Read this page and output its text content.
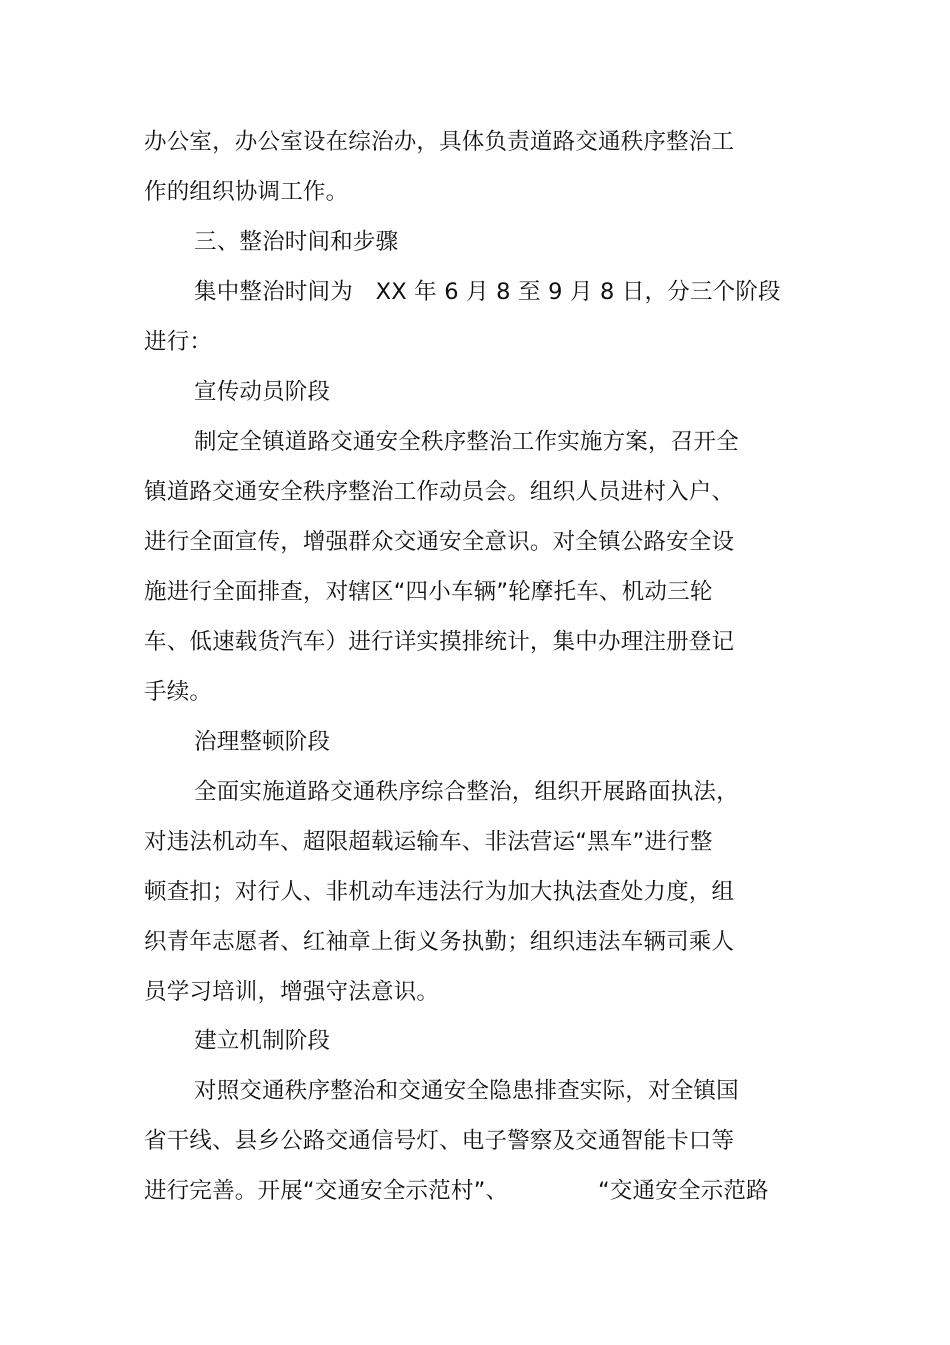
办公室，办公室设在综治办，具体负责道路交通秩序整治工
作的组织协调工作。
三、整治时间和步骤
集中整治时间为　XX 年 6 月 8 至 9 月 8 日，分三个阶段
进行：
宣传动员阶段
制定全镇道路交通安全秩序整治工作实施方案，召开全
镇道路交通安全秩序整治工作动员会。组织人员进村入户、
进行全面宣传，增强群众交通安全意识。对全镇公路安全设
施进行全面排查，对辖区“四小车辆”轮摩托车、机动三轮
车、低速载货汽车）进行详实摸排统计，集中办理注册登记
手续。
治理整顿阶段
全面实施道路交通秩序综合整治，组织开展路面执法，
对违法机动车、超限超载运输车、非法营运“黑车”进行整
顿查扣；对行人、非机动车违法行为加大执法查处力度，组
织青年志愿者、红袖章上街义务执勤；组织违法车辆司乘人
员学习培训，增强守法意识。
建立机制阶段
对照交通秩序整治和交通安全隐患排查实际，对全镇国
省干线、县乡公路交通信号灯、电子警察及交通智能卡口等
进行完善。开展“交通安全示范村”、	“交通安全示范路
